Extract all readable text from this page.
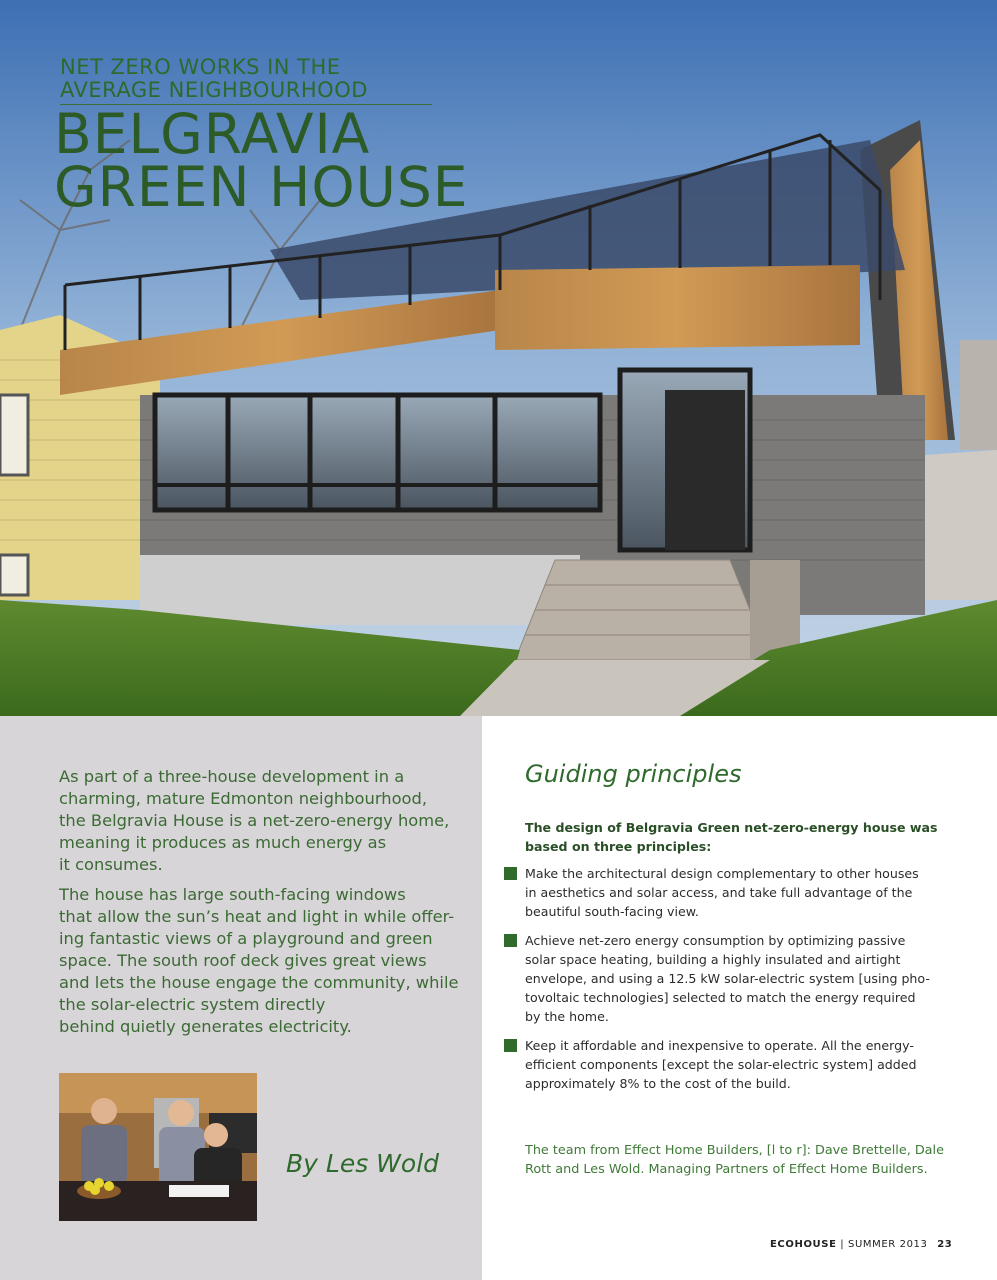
NET ZERO WORKS IN THE
AVERAGE NEIGHBOURHOOD
BELGRAVIA
GREEN HOUSE

As part of a three-house development in a
charming, mature Edmonton neighbourhood,
the Belgravia House is a net-zero-energy home,
meaning it produces as much energy as
it consumes.

The house has large south-facing windows
that allow the sun’s heat and light in while offer-
ing fantastic views of a playground and green
space. The south roof deck gives great views
and lets the house engage the community, while
the solar-electric system directly
behind quietly generates electricity.

By Les Wold
Guiding principles

The design of Belgravia Green net-zero-energy house was
based on three principles:

Make the architectural design complementary to other houses
in aesthetics and solar access, and take full advantage of the
beautiful south-facing view.
Achieve net-zero energy consumption by optimizing passive
solar space heating, building a highly insulated and airtight
envelope, and using a 12.5 kW solar-electric system [using pho-
tovoltaic technologies] selected to match the energy required
by the home.
Keep it affordable and inexpensive to operate. All the energy-
efficient components [except the solar-electric system] added
approximately 8% to the cost of the build.

The team from Effect Home Builders, [l to r]: Dave Brettelle, Dale
Rott and Les Wold. Managing Partners of Effect Home Builders.

ECOHOUSE | SUMMER 2013 23
